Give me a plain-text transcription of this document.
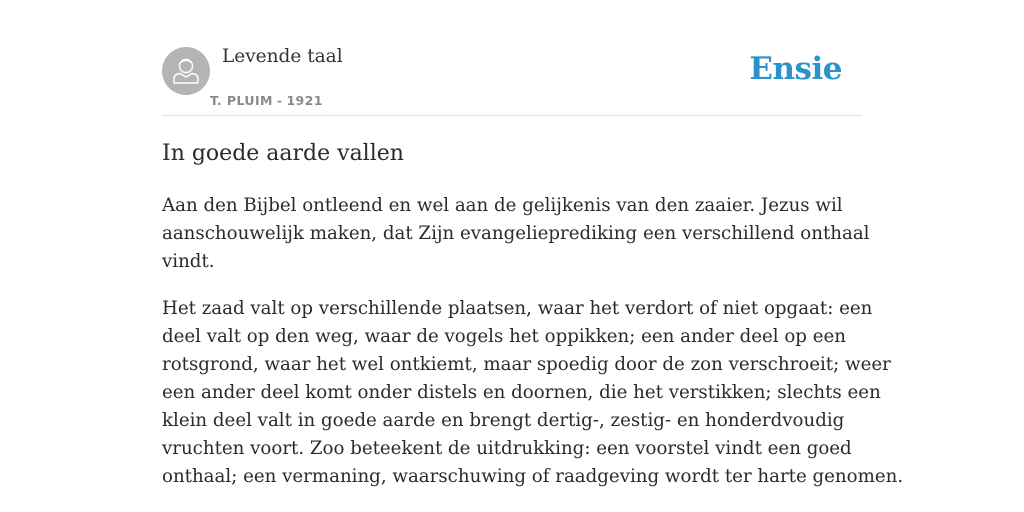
Levende taal
T. PLUIM - 1921
Ensie
In goede aarde vallen

Aan den Bijbel ontleend en wel aan de gelijkenis van den zaaier. Jezus wil
aanschouwelijk maken, dat Zijn evangelieprediking een verschillend onthaal
vindt.

Het zaad valt op verschillende plaatsen, waar het verdort of niet opgaat: een
deel valt op den weg, waar de vogels het oppikken; een ander deel op een
rotsgrond, waar het wel ontkiemt, maar spoedig door de zon verschroeit; weer
een ander deel komt onder distels en doornen, die het verstikken; slechts een
klein deel valt in goede aarde en brengt dertig-, zestig- en honderdvoudig
vruchten voort. Zoo beteekent de uitdrukking: een voorstel vindt een goed
onthaal; een vermaning, waarschuwing of raadgeving wordt ter harte genomen.
